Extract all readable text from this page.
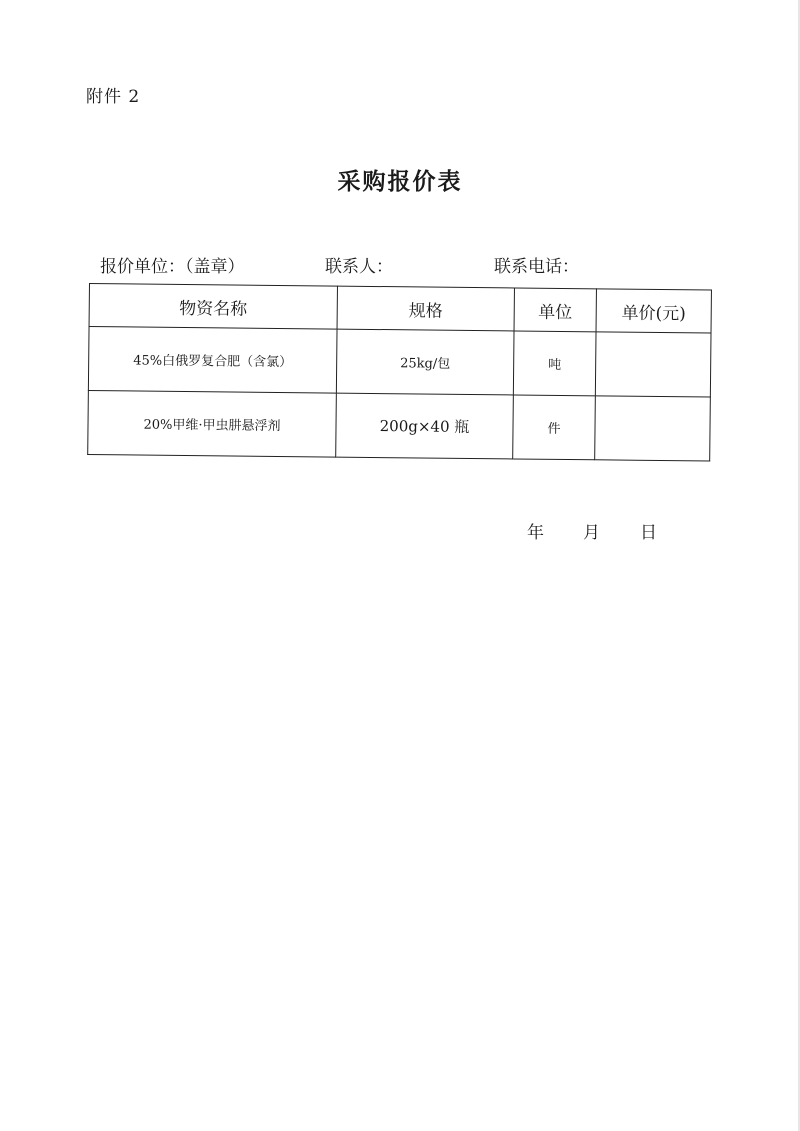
附件 2
采购报价表
报价单位：（盖章）	联系人：	联系电话：
物资名称	规格	单位	单价(元)
45%白俄罗复合肥（含氯）	25kg/包	吨	
20%甲维·甲虫肼悬浮剂	200g×40 瓶	件	
年 月 日
